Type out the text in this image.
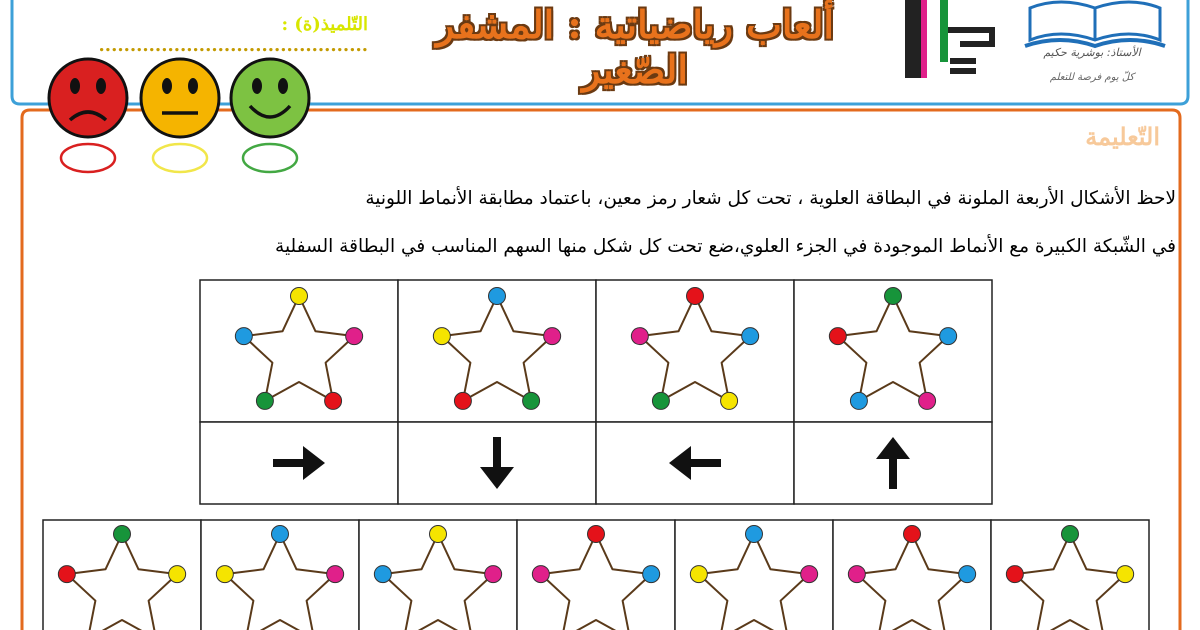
ألعاب رياضياتية : المشفر الصّغير
التّلميذ(ة) : ...........................................	الأستاذ: بوشرية حكيم
كلّ يوم فرصة للتعلم
التّعليمة
لاحظ الأشكال الأربعة الملونة في البطاقة العلوية ، تحت كل شعار رمز معين، باعتماد مطابقة الأنماط اللونية
في الشّبكة الكبيرة مع الأنماط الموجودة في الجزء العلوي،ضع تحت كل شكل منها السهم المناسب في البطاقة السفلية
